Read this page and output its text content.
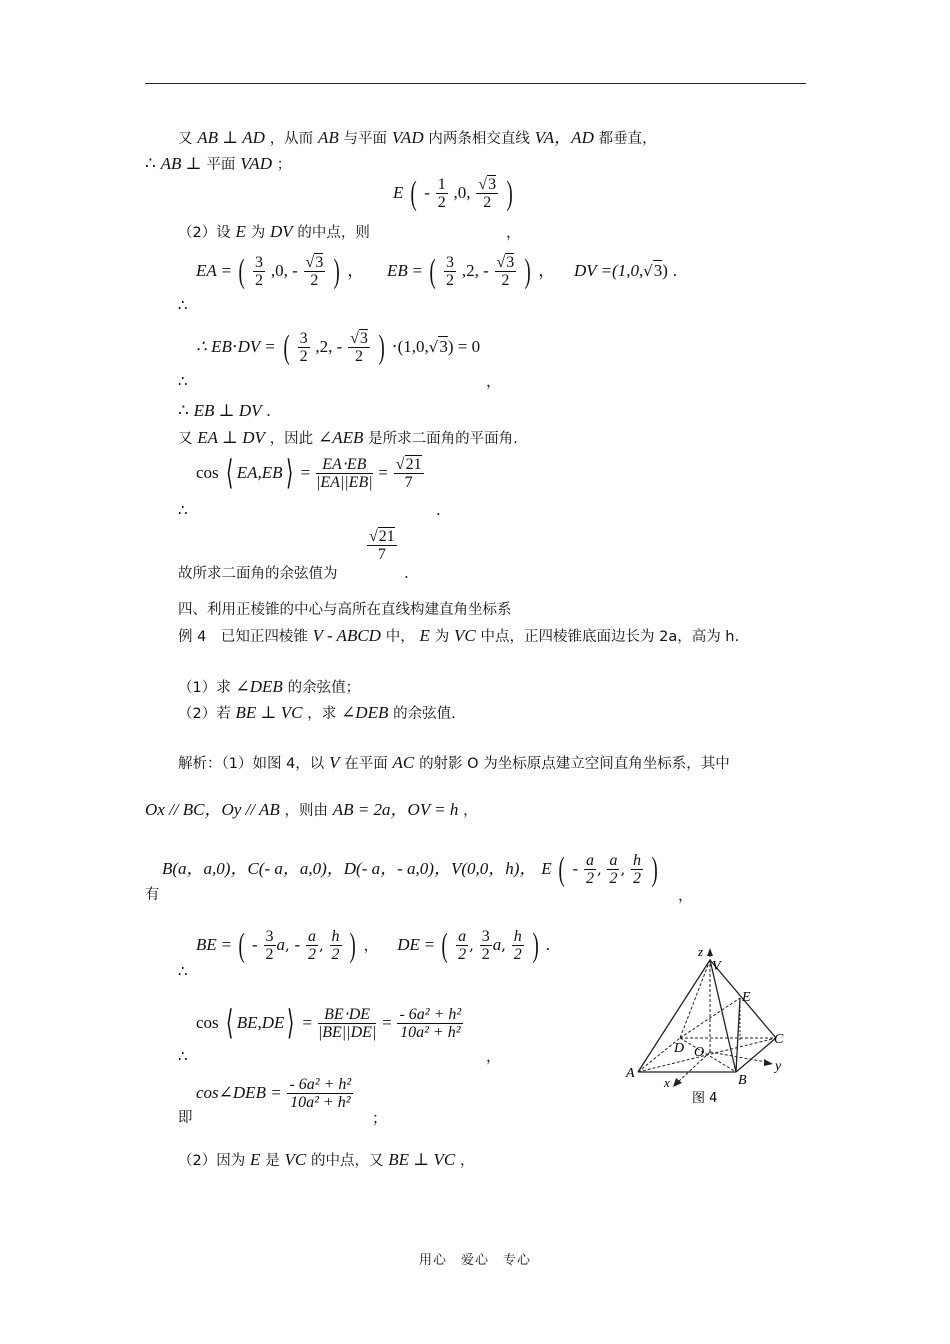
又 AB ⊥ AD ，从而 AB 与平面 VAD 内两条相交直线 VA，AD 都垂直，
∴ AB ⊥ 平面 VAD ；
E ( - $\frac{1}{2} ,0$, $\frac{√3}{2}$ )
（2）设 E 为 DV 的中点，则	，
EA = ( $\frac{3}{2} ,0$, - $\frac{√3}{2}$ ) ， EB = ( $\frac{3}{2} ,2$, - $\frac{√3}{2}$ ) ， DV =(1,0,√3) .
∴
∴ EB⋅DV = ( $\frac{3}{2} ,2$, - $\frac{√3}{2}$ ) ⋅(1,0,√3) = 0
∴	，
∴ EB ⊥ DV .
又 EA ⊥ DV ，因此 ∠AEB 是所求二面角的平面角.
cos ⟨ EA,EB⟩ = $\frac{EA\cdot EB}{|EA||EB|} = \frac{√21}{7}$
∴	.
$\frac{√21}{7}$
故所求二面角的余弦值为	.
四、利用正棱锥的中心与高所在直线构建直角坐标系
例 4　已知正四棱锥 V - ABCD 中， E 为 VC 中点，正四棱锥底面边长为 2a，高为 h.
（1）求 ∠DEB 的余弦值；
（2）若 BE ⊥ VC ，求 ∠DEB 的余弦值.
解析：（1）如图 4，以 V 在平面 AC 的射影 O 为坐标原点建立空间直角坐标系，其中
Ox // BC，Oy // AB ，则由 AB = 2a，OV = h ，
B(a，a,0)，C(- a，a,0)，D(- a，- a,0)，V(0,0，h)， E ( - $\frac{a}{2}$ , $\frac{a}{2}$ , $\frac{h}{2}$ )
有	，
BE = ( - $\frac{3}{2} a$, - $\frac{a}{2}$ , $\frac{h}{2}$ ) ， DE = ( $\frac{a}{2}$ , $\frac{3}{2} a$, $\frac{h}{2}$ ) .
∴
cos ⟨ BE,DE⟩ = $\frac{BE\cdot DE}{|BE||DE|} = \frac{\text{- 6a² + h²}}{\text{10a² + h²}}$
∴	，
cos∠DEB = $\frac{\text{- 6a² + h²}}{\text{10a² + h²}}$
即	；
（2）因为 E 是 VC 的中点，又 BE ⊥ VC ，
z
V
E
C
y
D O
A
x	B
图 4
用心　爱心　专心
